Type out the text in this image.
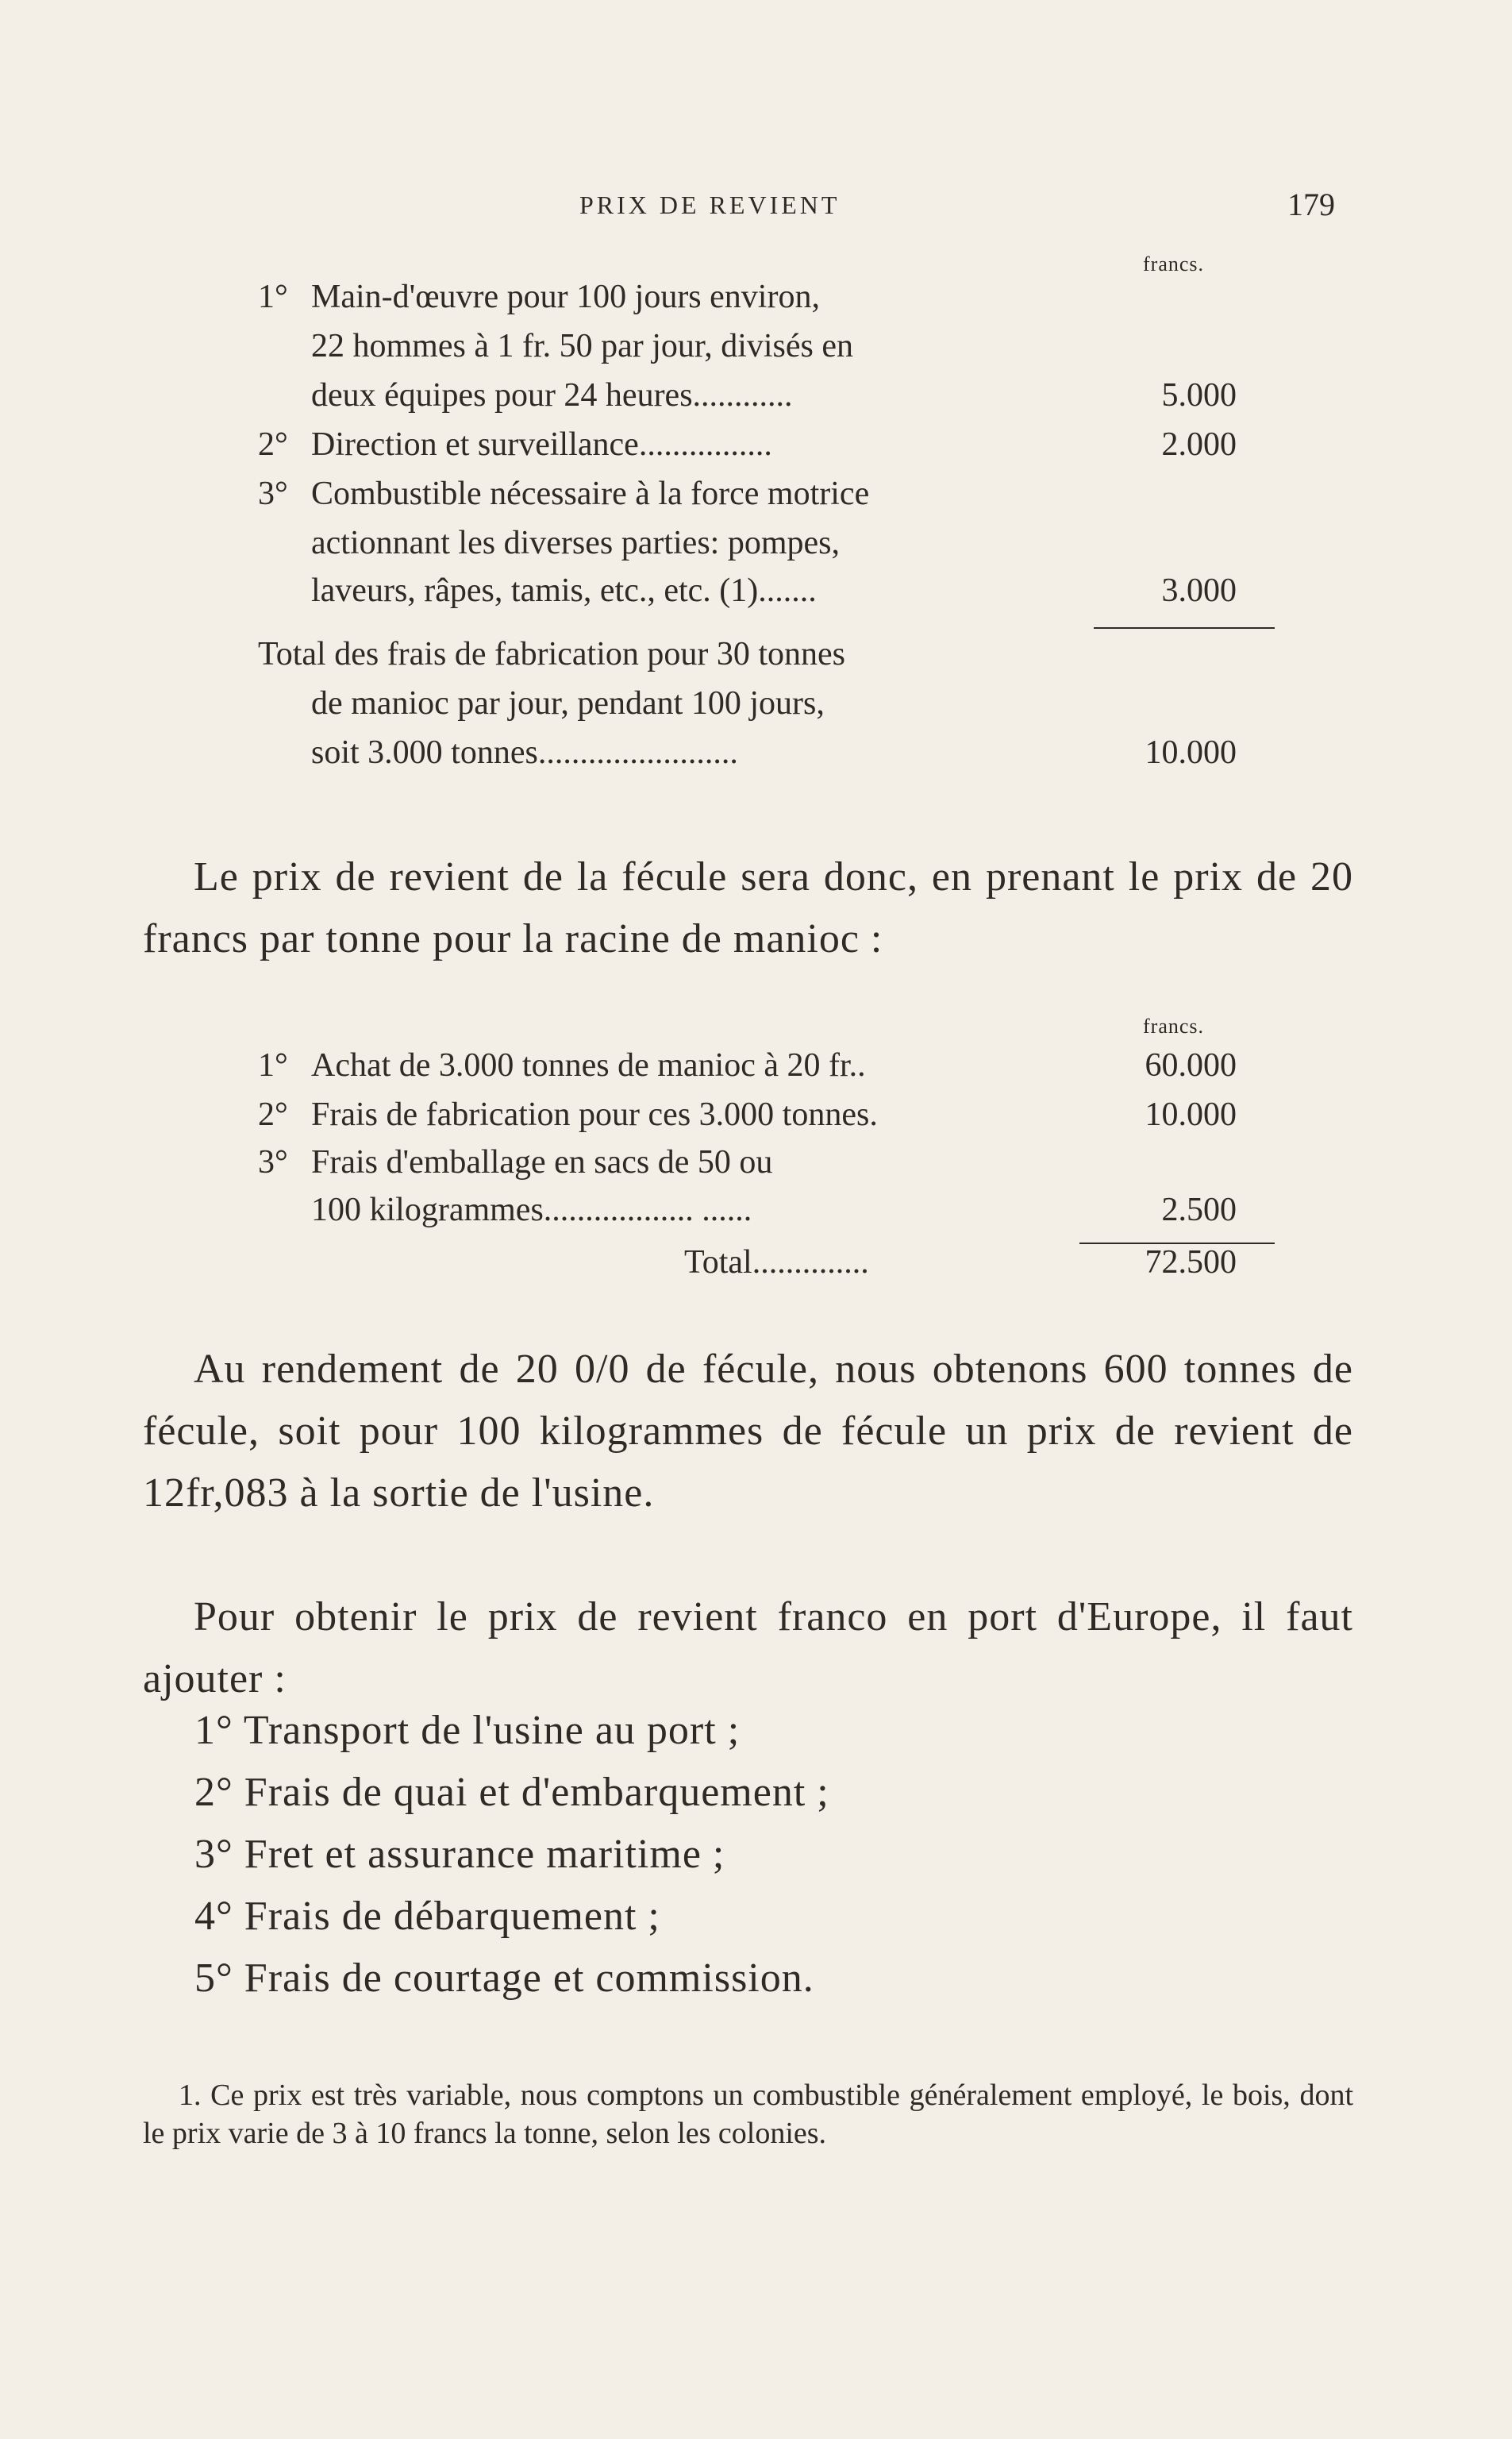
PRIX DE REVIENT	179
francs.
1° Main-d'œuvre pour 100 jours environ,
22 hommes à 1 fr. 50 par jour, divisés en
deux équipes pour 24 heures............	5.000
2° Direction et surveillance................	2.000
3° Combustible nécessaire à la force motrice
actionnant les diverses parties: pompes,
laveurs, râpes, tamis, etc., etc. (1).......	3.000
Total des frais de fabrication pour 30 tonnes
de manioc par jour, pendant 100 jours,
soit 3.000 tonnes........................	10.000

Le prix de revient de la fécule sera donc, en prenant le prix de 20 francs par tonne pour la racine de manioc :

francs.
1° Achat de 3.000 tonnes de manioc à 20 fr..	60.000
2° Frais de fabrication pour ces 3.000 tonnes.	10.000
3° Frais d'emballage en sacs de 50 ou
100 kilogrammes.................. ......	2.500
Total..............	72.500

Au rendement de 20 0/0 de fécule, nous obtenons 600 tonnes de fécule, soit pour 100 kilogrammes de fécule un prix de revient de 12fr,083 à la sortie de l'usine.

Pour obtenir le prix de revient franco en port d'Europe, il faut ajouter :

1° Transport de l'usine au port ;
2° Frais de quai et d'embarquement ;
3° Fret et assurance maritime ;
4° Frais de débarquement ;
5° Frais de courtage et commission.

1. Ce prix est très variable, nous comptons un combustible généralement employé, le bois, dont le prix varie de 3 à 10 francs la tonne, selon les colonies.
